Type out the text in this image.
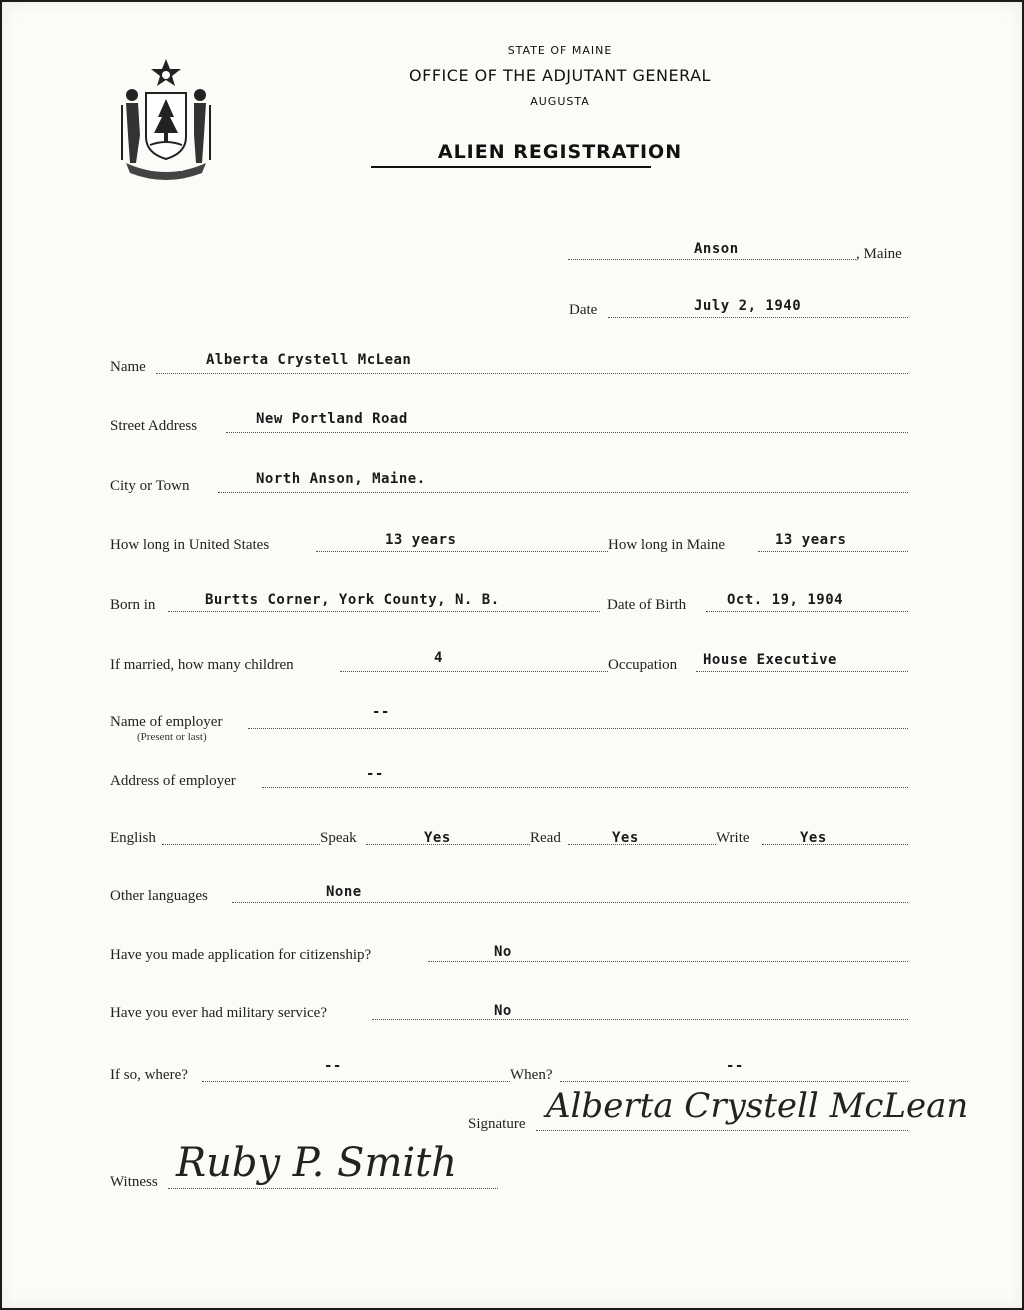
MAINE
STATE OF MAINE
OFFICE OF THE ADJUTANT GENERAL
AUGUSTA
ALIEN REGISTRATION
Anson	, Maine
Date	July 2, 1940
Name	Alberta Crystell McLean
Street Address	New Portland Road
City or Town	North Anson, Maine.
How long in United States	13 years	How long in Maine	13 years
Born in	Burtts Corner, York County, N. B.	Date of Birth	Oct. 19, 1904
If married, how many children	4	Occupation House Executive
Name of employer
(Present or last)
--
Address of employer	--
English	Speak	Yes	Read	Yes	Write	Yes
Other languages	None
Have you made application for citizenship?	No
Have you ever had military service?	No
If so, where?
--
When?
--
Signature Alberta Crystell McLean
Witness Ruby P. Smith
